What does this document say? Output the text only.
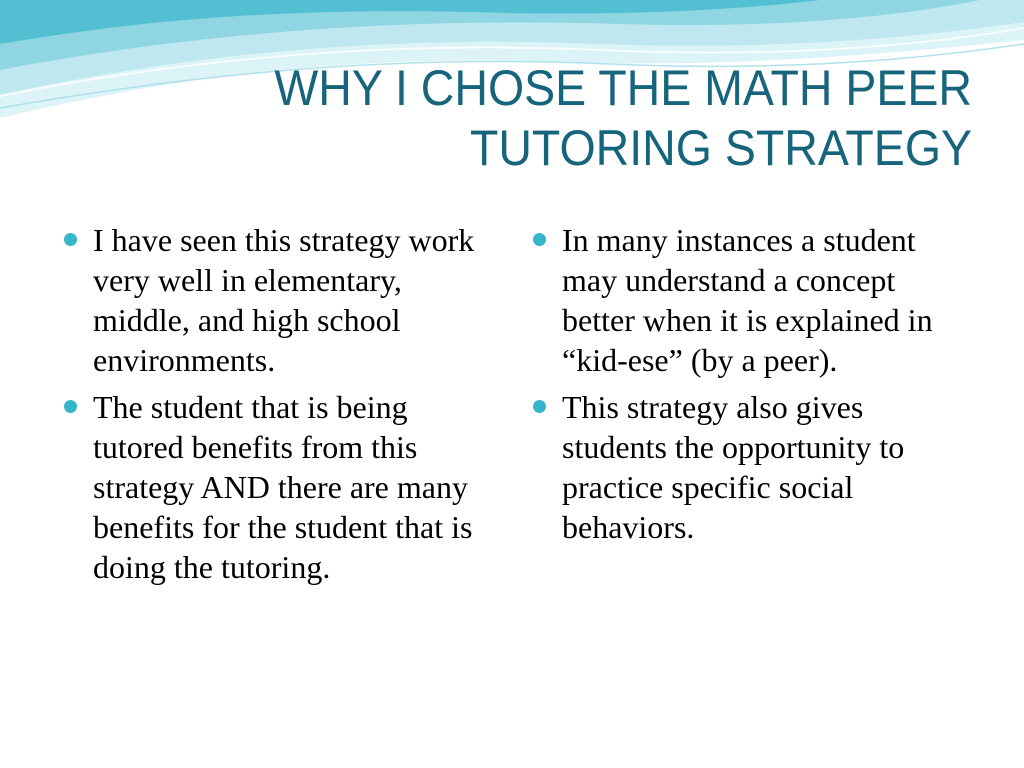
WHY I CHOSE THE MATH PEER
TUTORING STRATEGY
I have seen this strategy work very well in elementary, middle, and high school environments.
The student that is being tutored benefits from this strategy AND there are many benefits for the student that is doing the tutoring.
In many instances a student may understand a concept better when it is explained in “kid-ese” (by a peer).
This strategy also gives students the opportunity to practice specific social behaviors.
